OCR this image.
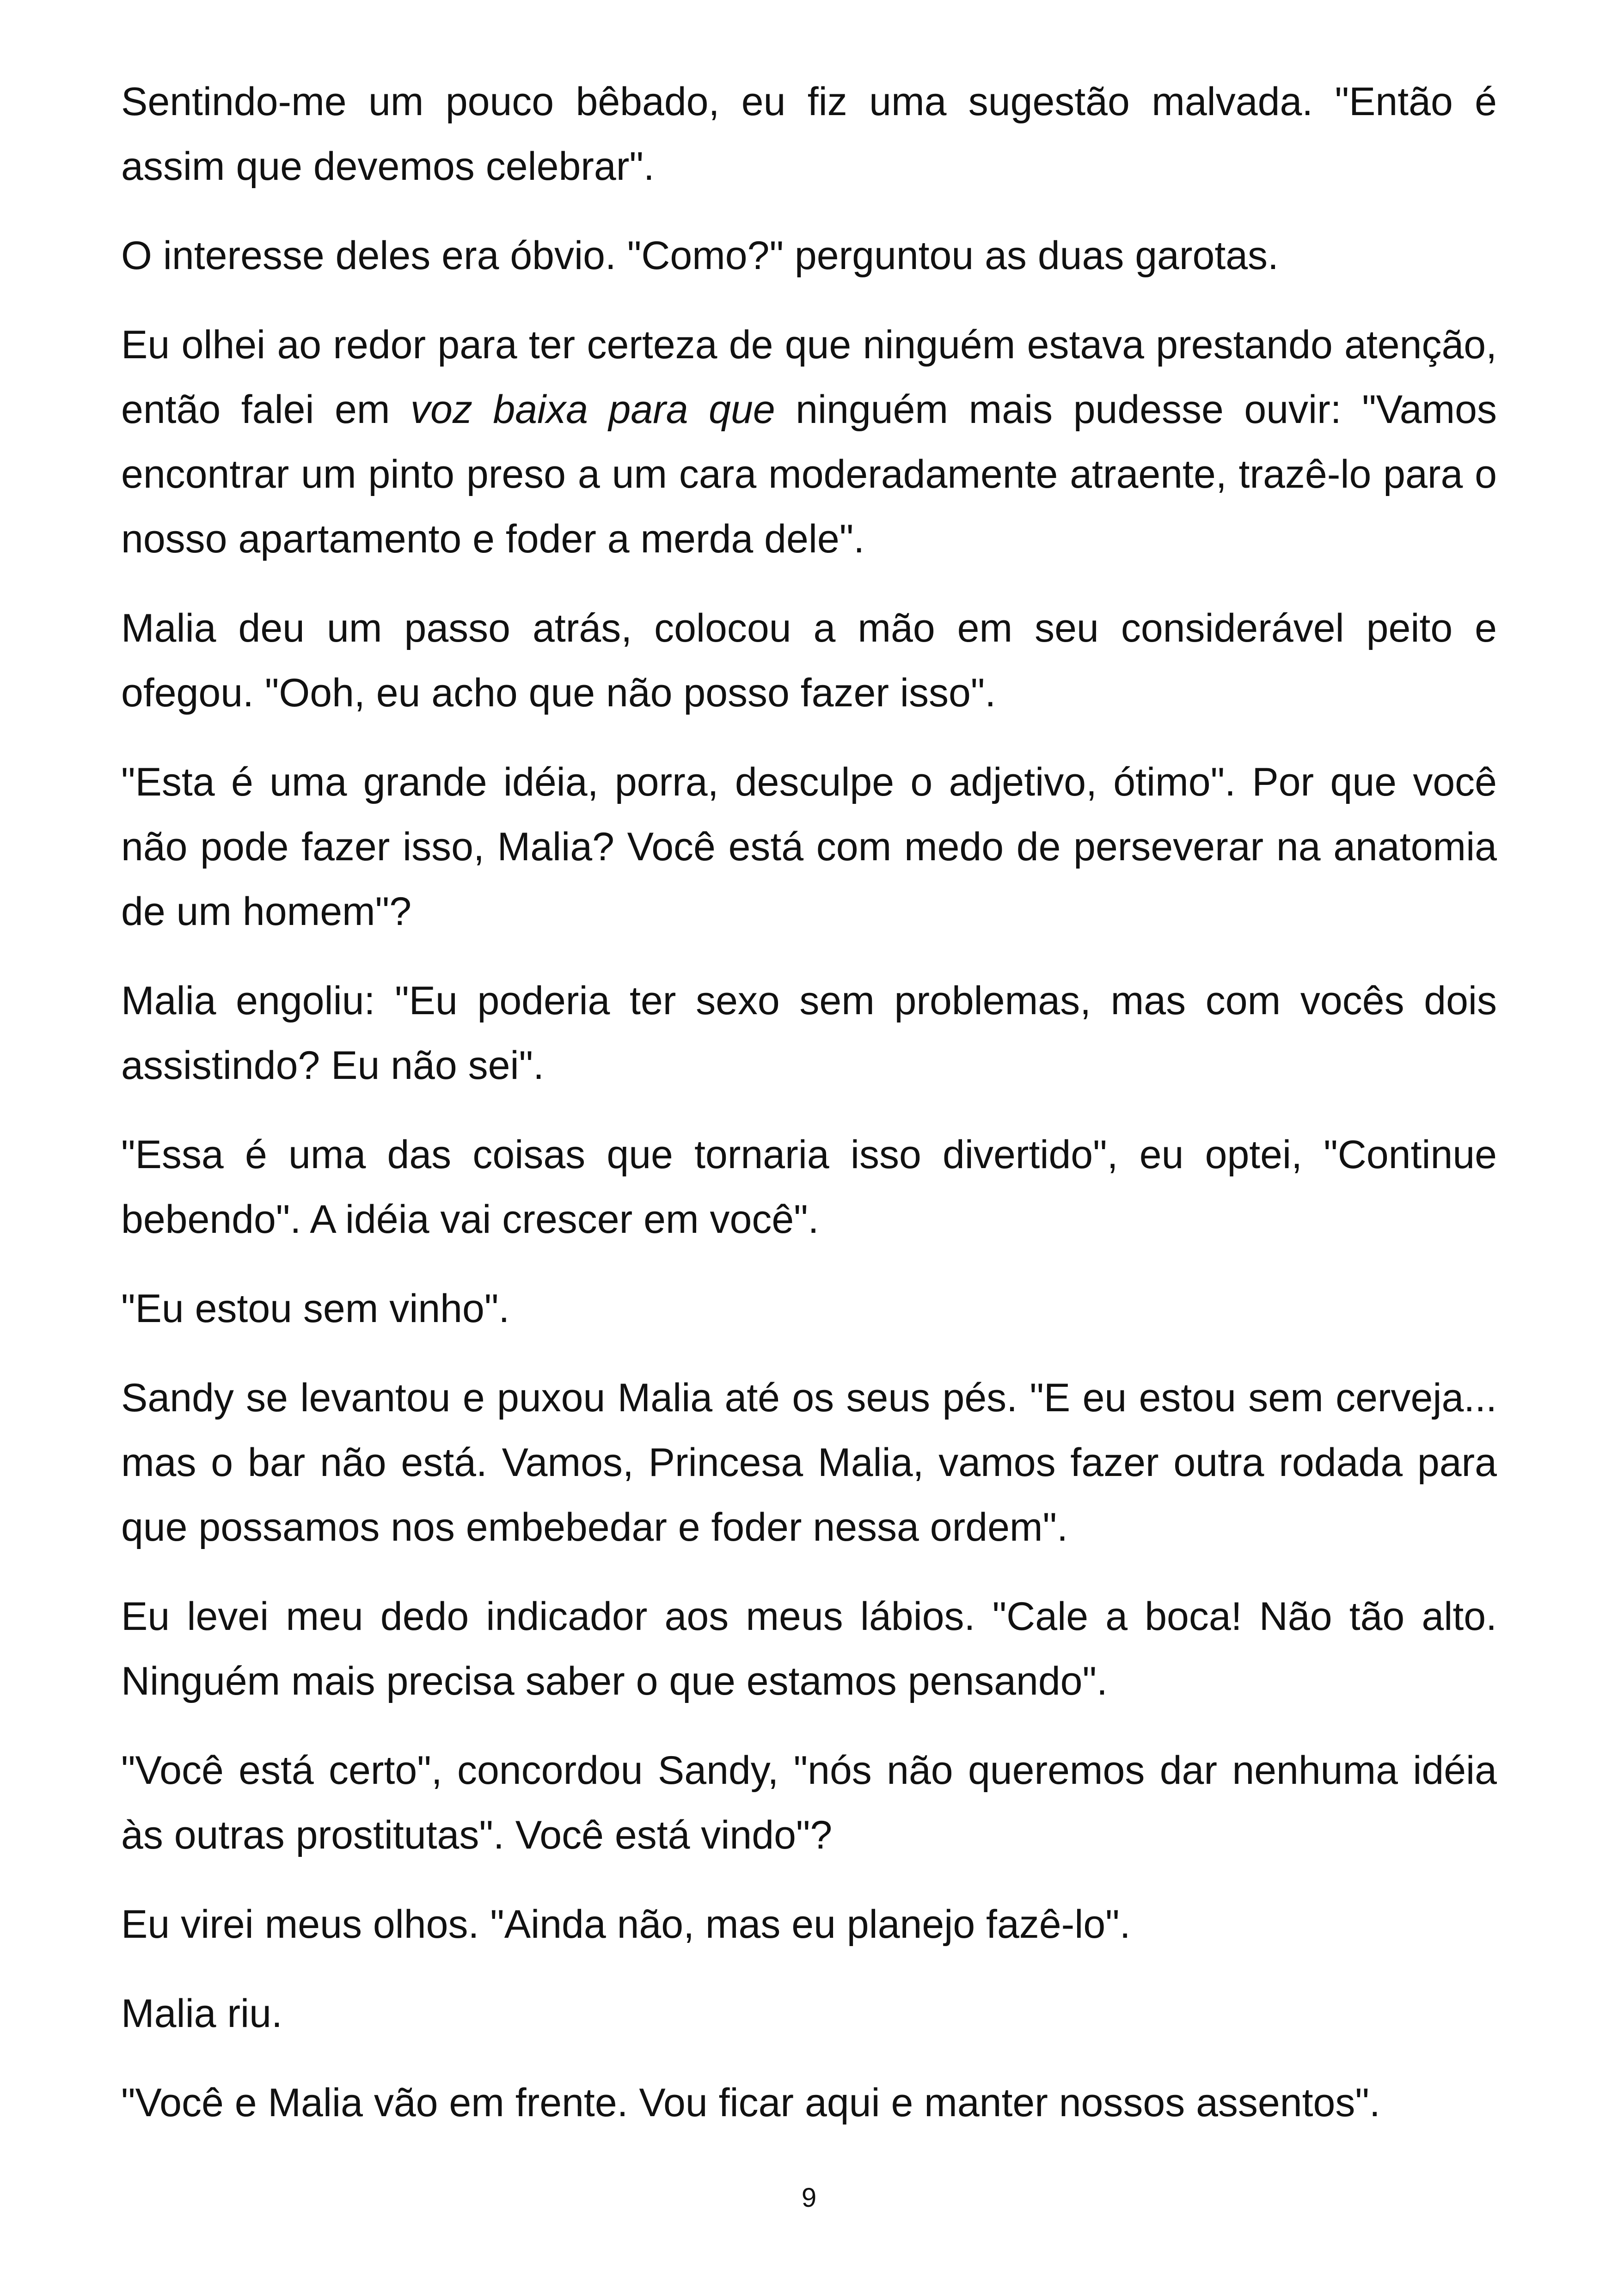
Sentindo-me um pouco bêbado, eu fiz uma sugestão malvada. "Então é assim que devemos celebrar".

O interesse deles era óbvio. "Como?" perguntou as duas garotas.

Eu olhei ao redor para ter certeza de que ninguém estava prestando atenção, então falei em voz baixa para que ninguém mais pudesse ouvir: "Vamos encontrar um pinto preso a um cara moderadamente atraente, trazê-lo para o nosso apartamento e foder a merda dele".

Malia deu um passo atrás, colocou a mão em seu considerável peito e ofegou. "Ooh, eu acho que não posso fazer isso".

"Esta é uma grande idéia, porra, desculpe o adjetivo, ótimo". Por que você não pode fazer isso, Malia? Você está com medo de perseverar na anatomia de um homem"?

Malia engoliu: "Eu poderia ter sexo sem problemas, mas com vocês dois assistindo? Eu não sei".

"Essa é uma das coisas que tornaria isso divertido", eu optei, "Continue bebendo". A idéia vai crescer em você".

"Eu estou sem vinho".

Sandy se levantou e puxou Malia até os seus pés. "E eu estou sem cerveja... mas o bar não está. Vamos, Princesa Malia, vamos fazer outra rodada para que possamos nos embebedar e foder nessa ordem".

Eu levei meu dedo indicador aos meus lábios. "Cale a boca! Não tão alto. Ninguém mais precisa saber o que estamos pensando".

"Você está certo", concordou Sandy, "nós não queremos dar nenhuma idéia às outras prostitutas". Você está vindo"?

Eu virei meus olhos. "Ainda não, mas eu planejo fazê-lo".

Malia riu.

"Você e Malia vão em frente. Vou ficar aqui e manter nossos assentos".

9
